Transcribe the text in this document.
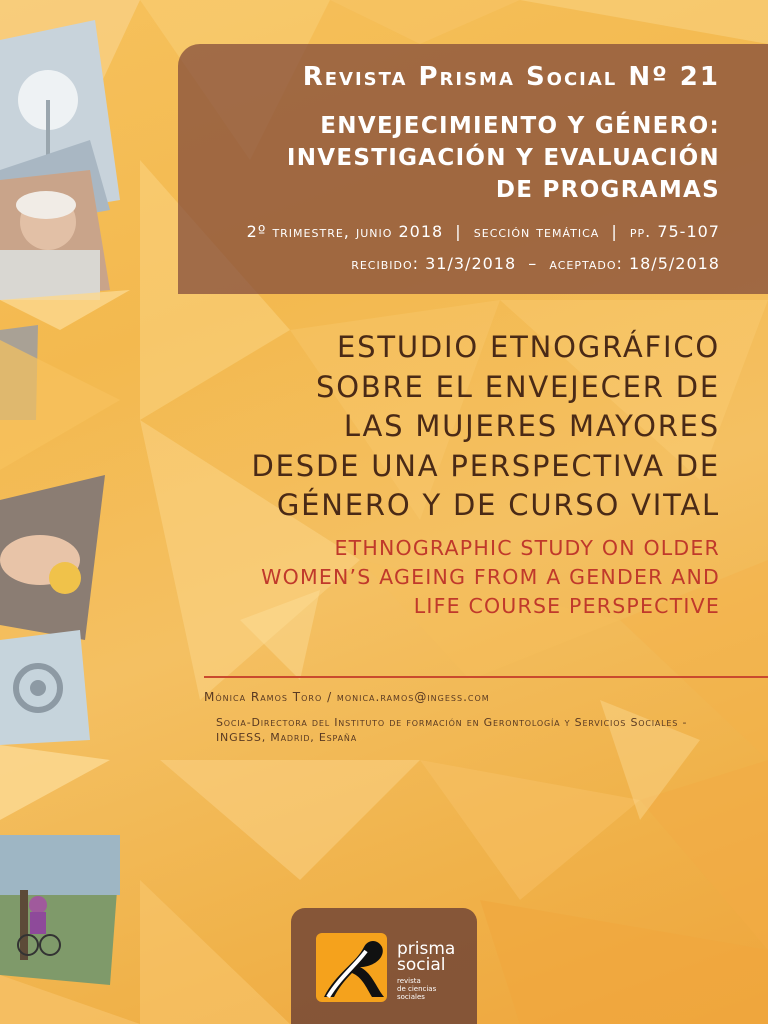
Revista Prisma Social Nº 21
ENVEJECIMIENTO Y GÉNERO:
INVESTIGACIÓN Y EVALUACIÓN
DE PROGRAMAS
2º trimestre, junio 2018 | sección temática | pp. 75-107
recibido: 31/3/2018 – aceptado: 18/5/2018
ESTUDIO ETNOGRÁFICO
SOBRE EL ENVEJECER DE
LAS MUJERES MAYORES
DESDE UNA PERSPECTIVA DE
GÉNERO Y DE CURSO VITAL
ETHNOGRAPHIC STUDY ON OLDER
WOMEN’S AGEING FROM A GENDER AND
LIFE COURSE PERSPECTIVE
Mónica Ramos Toro / monica.ramos@ingess.com
Socia-Directora del Instituto de formación en Gerontología y Servicios Sociales -
INGESS, Madrid, España
prisma
social
revista
de ciencias
sociales
